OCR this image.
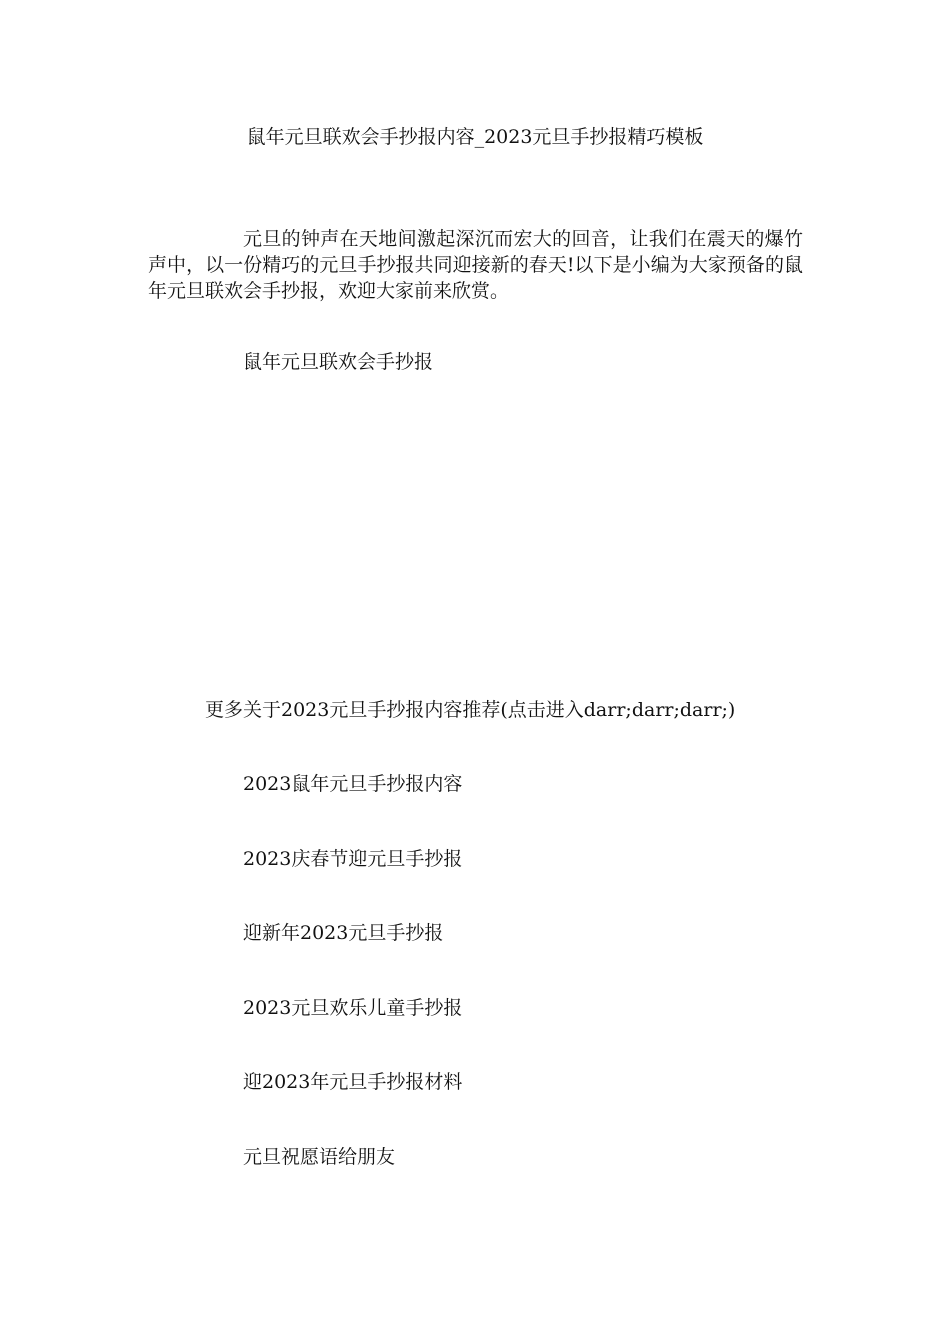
鼠年元旦联欢会手抄报内容_2023元旦手抄报精巧模板

元旦的钟声在天地间激起深沉而宏大的回音，让我们在震天的爆竹声中，以一份精巧的元旦手抄报共同迎接新的春天!以下是小编为大家预备的鼠年元旦联欢会手抄报，欢迎大家前来欣赏。

鼠年元旦联欢会手抄报
更多关于2023元旦手抄报内容推荐(点击进入darr;darr;darr;)
2023鼠年元旦手抄报内容
2023庆春节迎元旦手抄报
迎新年2023元旦手抄报
2023元旦欢乐儿童手抄报
迎2023年元旦手抄报材料
元旦祝愿语给朋友
